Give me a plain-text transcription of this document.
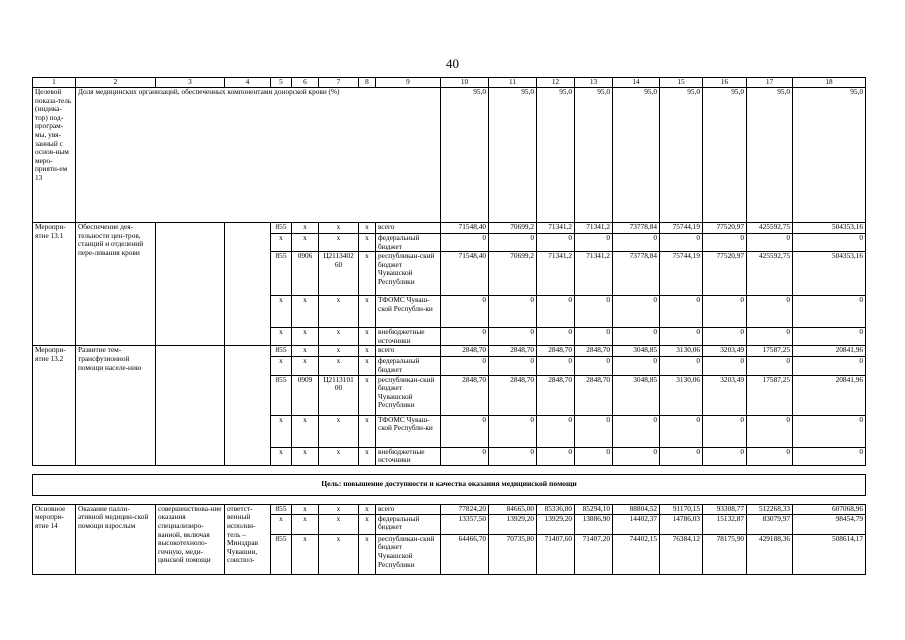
40
1	2	3	4	5	6	7	8	9	10	11	12	13	14	15	16	17	18
Целевой показа-тель (индика-тор) под-програм-мы, увя-занный с основ-ным меро-прияти-ем 13	Доля медицинских организаций, обеспеченных компонентами донорской крови (%)								95,0	95,0	95,0	95,0	95,0	95,0	95,0	95,0	95,0
Меропри-ятие 13.1	Обеспечение дея-тельности цен-тров, станций и отделений пере-ливания крови			855	x	x	x	всего	71548,40	70699,2	71341,2	71341,2	73778,84	75744,19	77520,97	425592,75	504353,16
				x	x	x	x	федеральный бюджет	0	0	0	0	0	0	0	0	0
				855	0906	Ц2113402 60	x	республикан-ский бюджет Чувашской Республики	71548,40	70699,2	71341,2	71341,2	73778,84	75744,19	77520,97	425592,75	504353,16
				x	x	x	x	ТФОМС Чуваш-ской Республи-ки	0	0	0	0	0	0	0	0	0
				x	x	x	x	внебюджетные источники	0	0	0	0	0	0	0	0	0
Меропри-ятие 13.2	Развитие тем-трансфузионной помощи населе-нию			855	x	x	x	всего	2848,70	2848,70	2848,70	2848,70	3048,85	3130,06	3203,49	17587,25	20841,96
				x	x	x	x	федеральный бюджет	0	0	0	0	0	0	0	0	0
				855	0909	Ц2113101 00	x	республикан-ский бюджет Чувашской Республики	2848,70	2848,70	2848,70	2848,70	3048,85	3130,06	3203,49	17587,25	20841,96
				x	x	x	x	ТФОМС Чуваш-ской Республи-ки	0	0	0	0	0	0	0	0	0
				x	x	x	x	внебюджетные источники	0	0	0	0	0	0	0	0	0

Цель: повышение доступности и качества оказания медицинской помощи																	

Основное меропри-ятие 14	Оказание палли-ативной медицин-ской помощи взрослым	совершенствова-ние оказания специализиро-ванной, включая высокотехноло-гичную, меди-цинской помощи	ответст-венный исполни-тель – Минздрав Чувашии, соиспол-	855	x	x	x	всего	77824,20	84665,00	85336,80	85294,10	88804,52	91170,15	93308,77	512268,33	607068,96
				x	x	x	x	федеральный бюджет	13357,50	13929,20	13929,20	13886,90	14402,37	14786,03	15132,87	83079,97	98454,79
				855	x	x	x	республикан-ский бюджет Чувашской Республики	64466,70	70735,80	71407,60	71407,20	74402,15	76384,12	78175,90	429188,36	508614,17
